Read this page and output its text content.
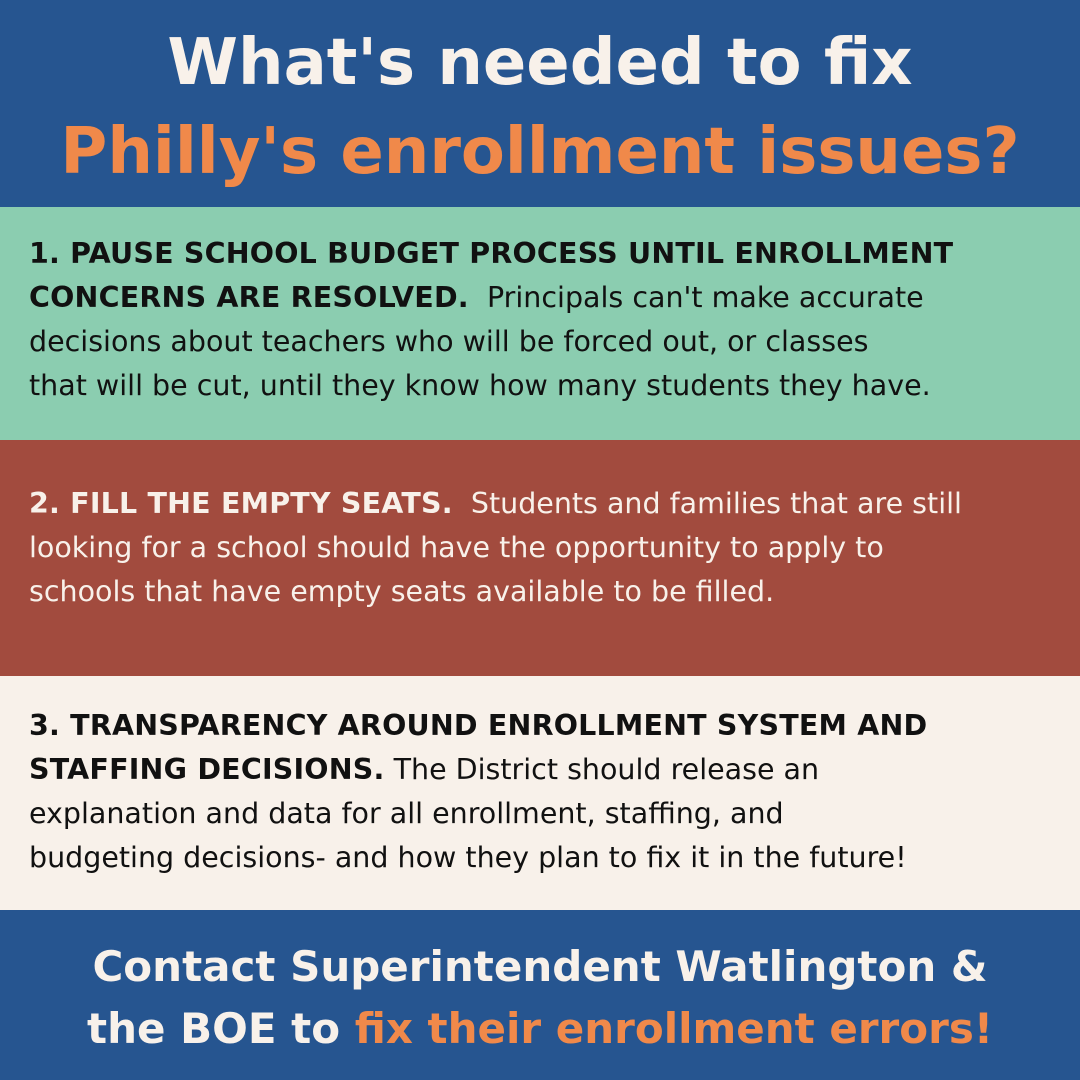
What's needed to fix
Philly's enrollment issues?
1. PAUSE SCHOOL BUDGET PROCESS UNTIL ENROLLMENT
CONCERNS ARE RESOLVED. Principals can't make accurate
decisions about teachers who will be forced out, or classes
that will be cut, until they know how many students they have.
2. FILL THE EMPTY SEATS. Students and families that are still
looking for a school should have the opportunity to apply to
schools that have empty seats available to be filled.
3. TRANSPARENCY AROUND ENROLLMENT SYSTEM AND
STAFFING DECISIONS. The District should release an
explanation and data for all enrollment, staffing, and
budgeting decisions- and how they plan to fix it in the future!
Contact Superintendent Watlington &
the BOE to fix their enrollment errors!
